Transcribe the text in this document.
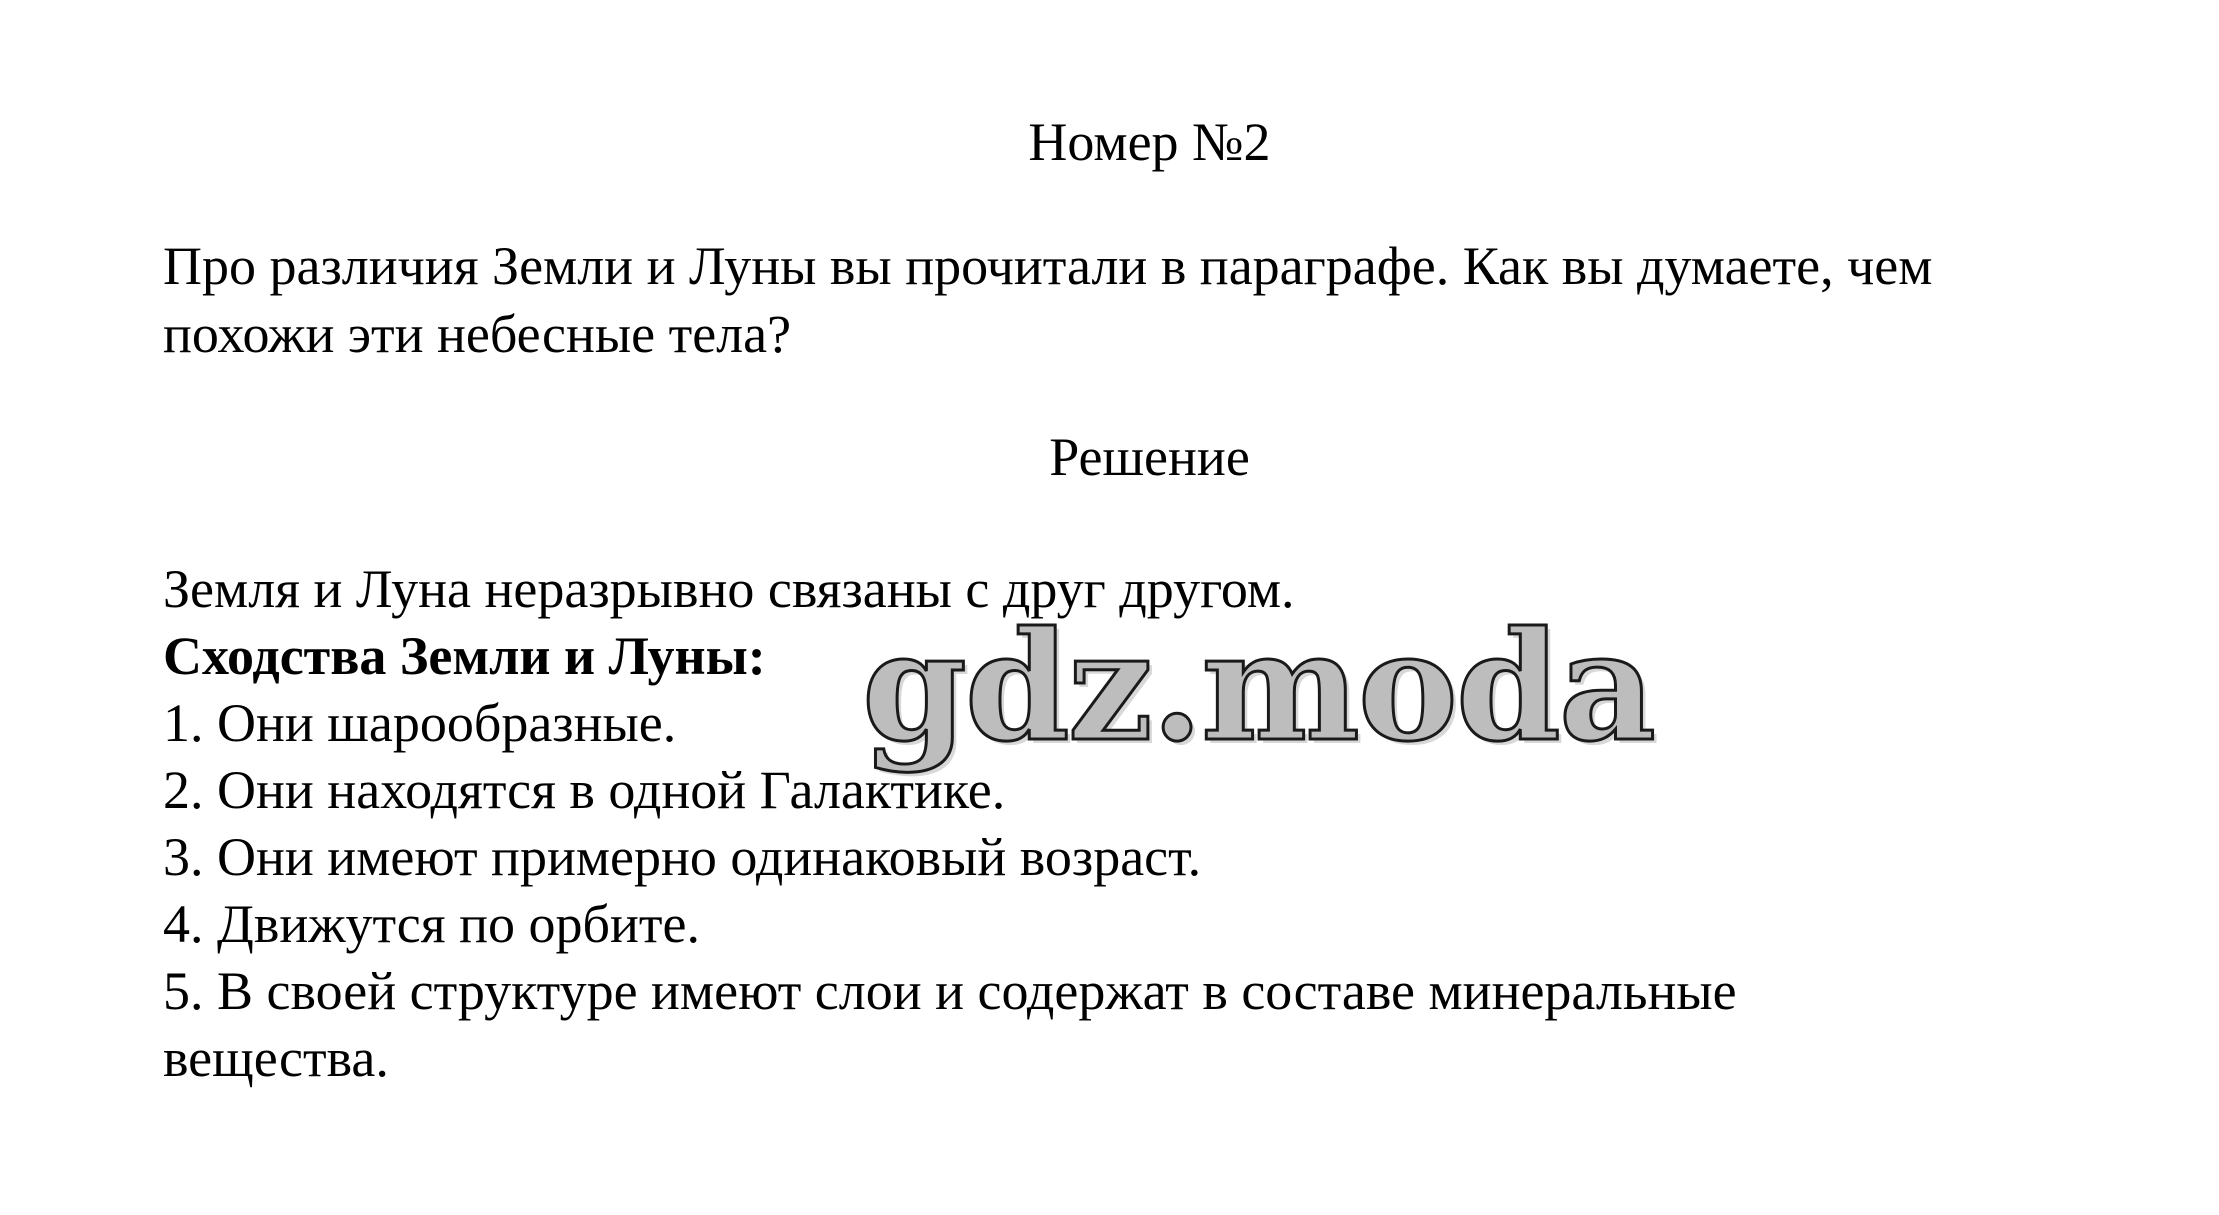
Номер №2

Про различия Земли и Луны вы прочитали в параграфе. Как вы думаете, чем похожи эти небесные тела?

Решение
Земля и Луна неразрывно связаны с друг другом.
Сходства Земли и Луны:
1. Они шарообразные.
2. Они находятся в одной Галактике.
3. Они имеют примерно одинаковый возраст.
4. Движутся по орбите.
5. В своей структуре имеют слои и содержат в составе минеральные вещества.
gdz.moda
